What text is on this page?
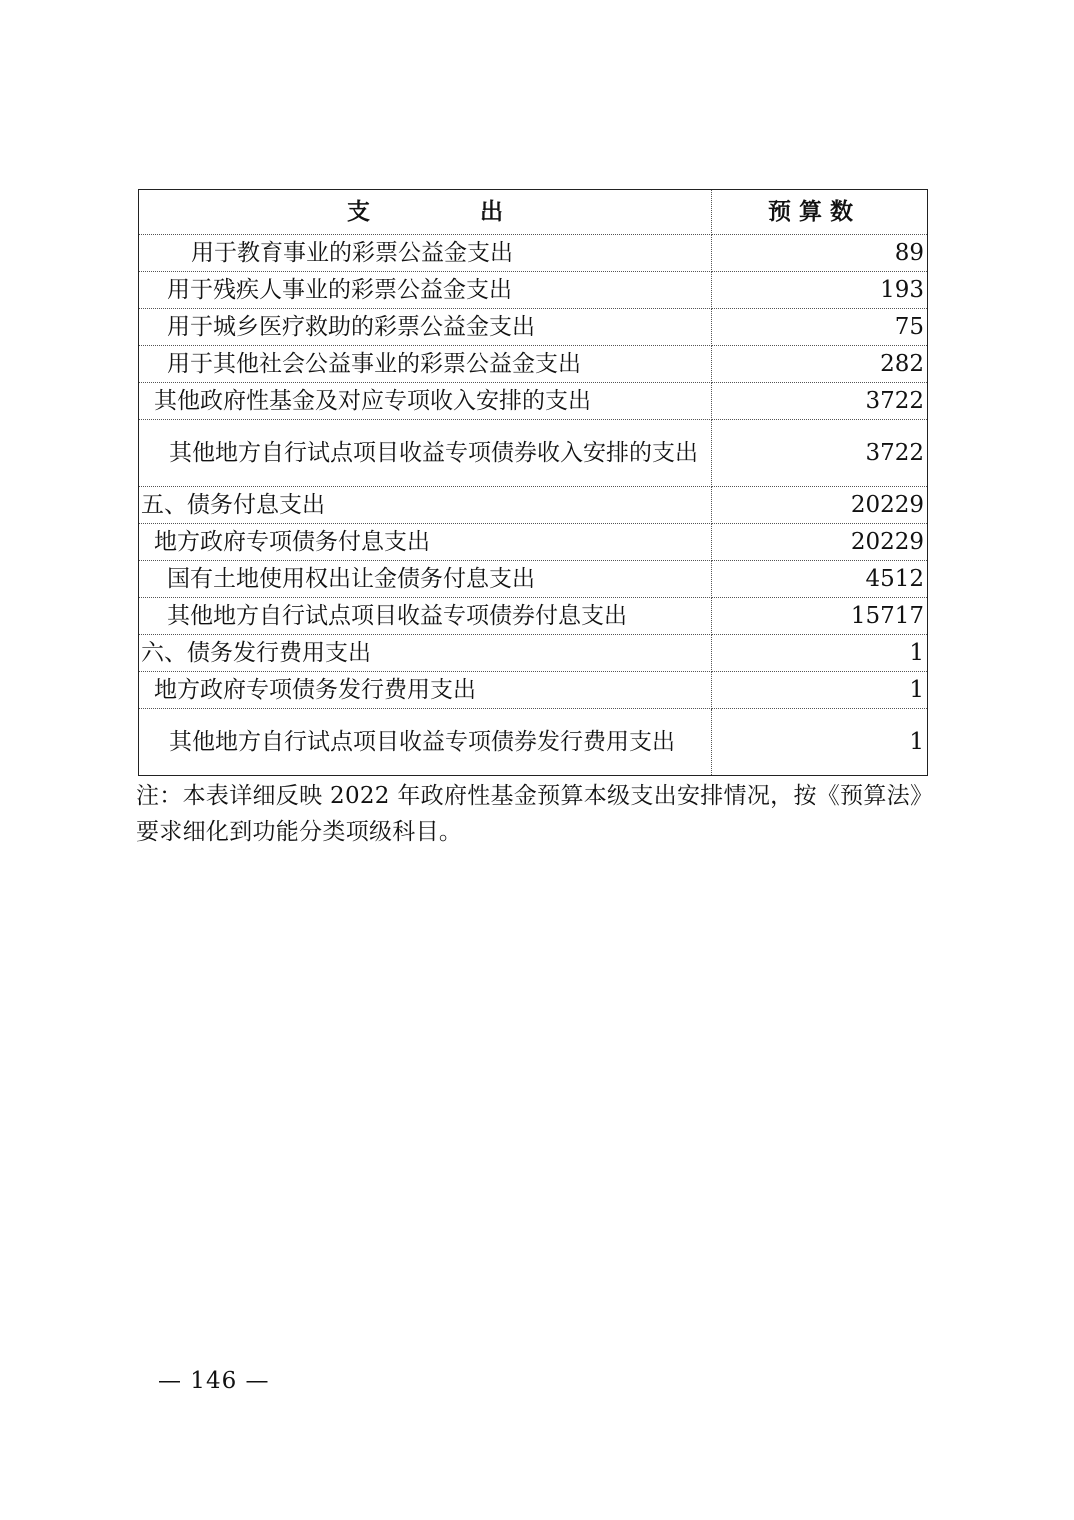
支 出	预算数
用于教育事业的彩票公益金支出	89
用于残疾人事业的彩票公益金支出	193
用于城乡医疗救助的彩票公益金支出	75
用于其他社会公益事业的彩票公益金支出	282
其他政府性基金及对应专项收入安排的支出	3722
其他地方自行试点项目收益专项债券收入安排的支出	3722
五、债务付息支出	20229
地方政府专项债务付息支出	20229
国有土地使用权出让金债务付息支出	4512
其他地方自行试点项目收益专项债券付息支出	15717
六、债务发行费用支出	1
地方政府专项债务发行费用支出	1
其他地方自行试点项目收益专项债券发行费用支出	1
注：本表详细反映 2022 年政府性基金预算本级支出安排情况，按《预算法》要求细化到功能分类项级科目。
— 146 —
